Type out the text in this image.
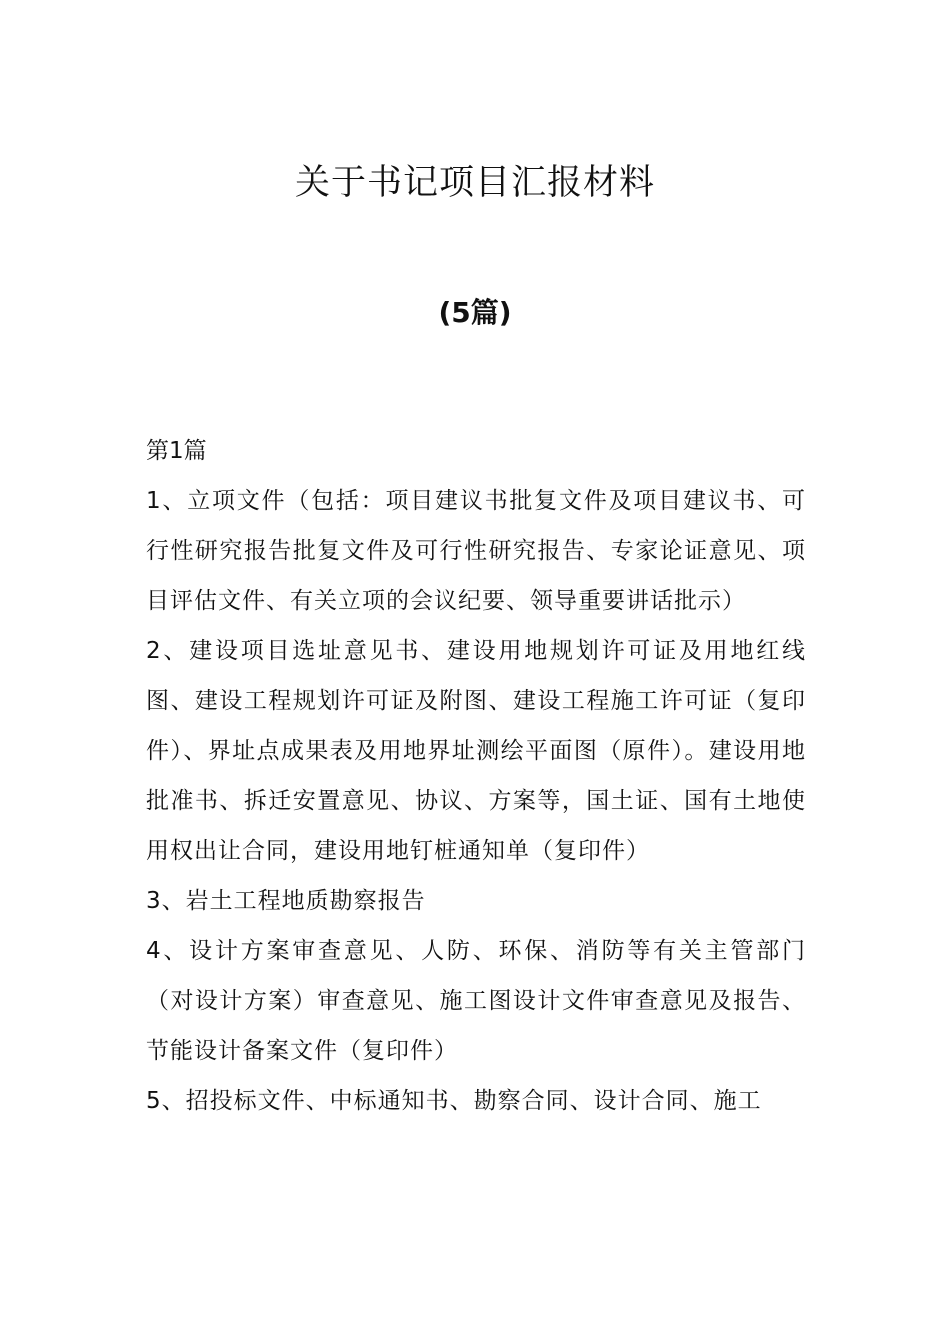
关于书记项目汇报材料
(5篇)

第1篇

1、立项文件（包括：项目建议书批复文件及项目建议书、可行性研究报告批复文件及可行性研究报告、专家论证意见、项目评估文件、有关立项的会议纪要、领导重要讲话批示）

2、建设项目选址意见书、建设用地规划许可证及用地红线图、建设工程规划许可证及附图、建设工程施工许可证（复印件）、界址点成果表及用地界址测绘平面图（原件）。建设用地批准书、拆迁安置意见、协议、方案等，国土证、国有土地使用权出让合同，建设用地钉桩通知单（复印件）

3、岩土工程地质勘察报告

4、设计方案审查意见、人防、环保、消防等有关主管部门（对设计方案）审查意见、施工图设计文件审查意见及报告、节能设计备案文件（复印件）

5、招投标文件、中标通知书、勘察合同、设计合同、施工
